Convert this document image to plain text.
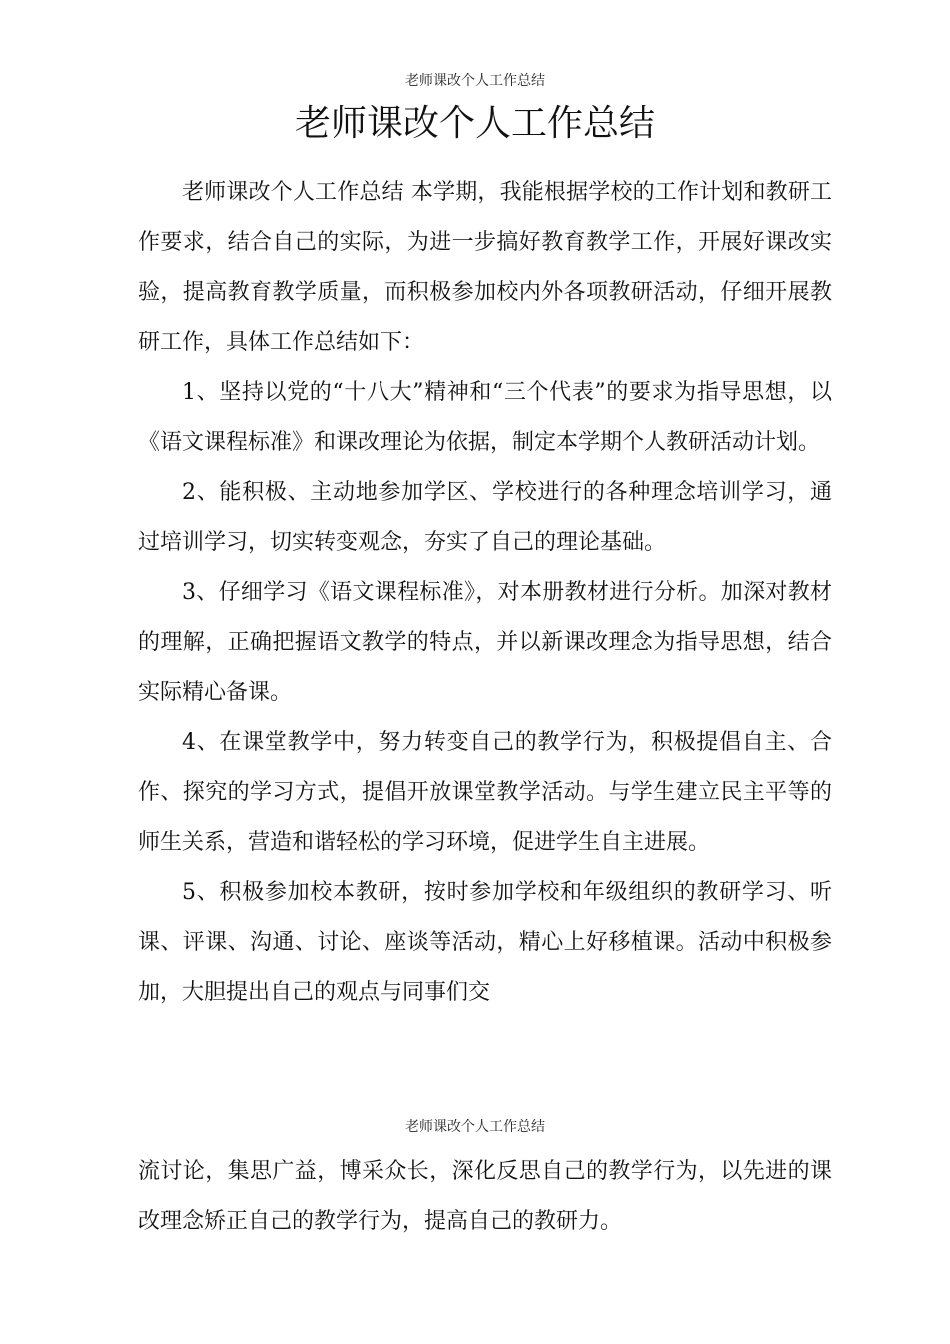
老师课改个人工作总结
老师课改个人工作总结

老师课改个人工作总结 本学期，我能根据学校的工作计划和教研工作要求，结合自己的实际，为进一步搞好教育教学工作，开展好课改实验，提高教育教学质量，而积极参加校内外各项教研活动，仔细开展教研工作，具体工作总结如下：

1、坚持以党的“十八大”精神和“三个代表”的要求为指导思想，以《语文课程标准》和课改理论为依据，制定本学期个人教研活动计划。

2、能积极、主动地参加学区、学校进行的各种理念培训学习，通过培训学习，切实转变观念，夯实了自己的理论基础。

3、仔细学习《语文课程标准》，对本册教材进行分析。加深对教材的理解，正确把握语文教学的特点，并以新课改理念为指导思想，结合实际精心备课。

4、在课堂教学中，努力转变自己的教学行为，积极提倡自主、合作、探究的学习方式，提倡开放课堂教学活动。与学生建立民主平等的师生关系，营造和谐轻松的学习环境，促进学生自主进展。

5、积极参加校本教研，按时参加学校和年级组织的教研学习、听课、评课、沟通、讨论、座谈等活动，精心上好移植课。活动中积极参加，大胆提出自己的观点与同事们交

老师课改个人工作总结

流讨论，集思广益，博采众长，深化反思自己的教学行为，以先进的课改理念矫正自己的教学行为，提高自己的教研力。
